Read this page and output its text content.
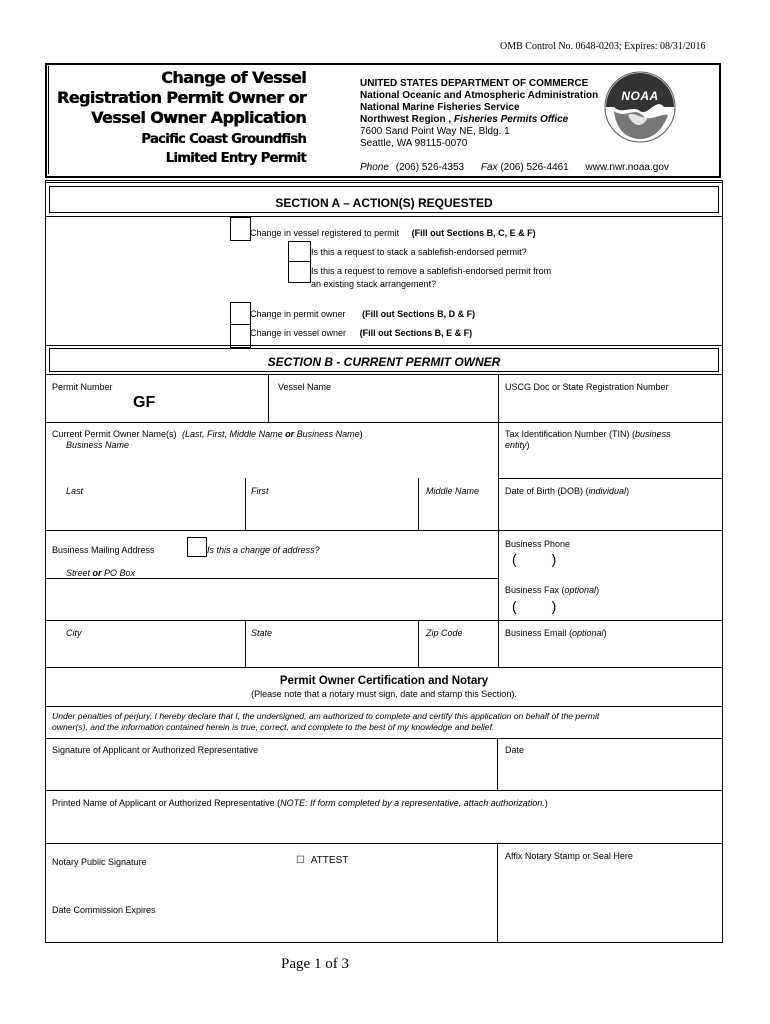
OMB Control No. 0648-0203; Expires: 08/31/2016
Change of Vessel
Registration Permit Owner or
Vessel Owner Application
Pacific Coast Groundfish
Limited Entry Permit
UNITED STATES DEPARTMENT OF COMMERCE
National Oceanic and Atmospheric Administration
National Marine Fisheries Service
Northwest Region , Fisheries Permits Office
7600 Sand Point Way NE, Bldg. 1
Seattle, WA 98115-0070
Phone (206) 526-4353 Fax (206) 526-4461 www.nwr.noaa.gov
NOAA
SECTION A – ACTION(S) REQUESTED
Change in vessel registered to permit (Fill out Sections B, C, E & F)
Is this a request to stack a sablefish-endorsed permit?
Is this a request to remove a sablefish-endorsed permit from
an existing stack arrangement?
Change in permit owner (Fill out Sections B, D & F)
Change in vessel owner (Fill out Sections B, E & F)
SECTION B - CURRENT PERMIT OWNER
Permit Number
GF
Vessel Name	USCG Doc or State Registration Number
Current Permit Owner Name(s) (Last, First, Middle Name or Business Name)
Business Name
Tax Identification Number (TIN) (business
entity)
Last	First	Middle Name	Date of Birth (DOB) (individual)
Business Mailing Address	Is this a change of address?
Street or PO Box
Business Phone
(         )
Business Fax (optional)
(         )
City	State	Zip Code	Business Email (optional)
Permit Owner Certification and Notary
(Please note that a notary must sign, date and stamp this Section).
Under penalties of perjury, I hereby declare that I, the undersigned, am authorized to complete and certify this application on behalf of the permit
owner(s), and the information contained herein is true, correct, and complete to the best of my knowledge and belief.
Signature of Applicant or Authorized Representative	Date
Printed Name of Applicant or Authorized Representative (NOTE: If form completed by a representative, attach authorization.)
Notary Public Signature	☐ ATTEST	Affix Notary Stamp or Seal Here
Date Commission Expires
Page 1 of 3
